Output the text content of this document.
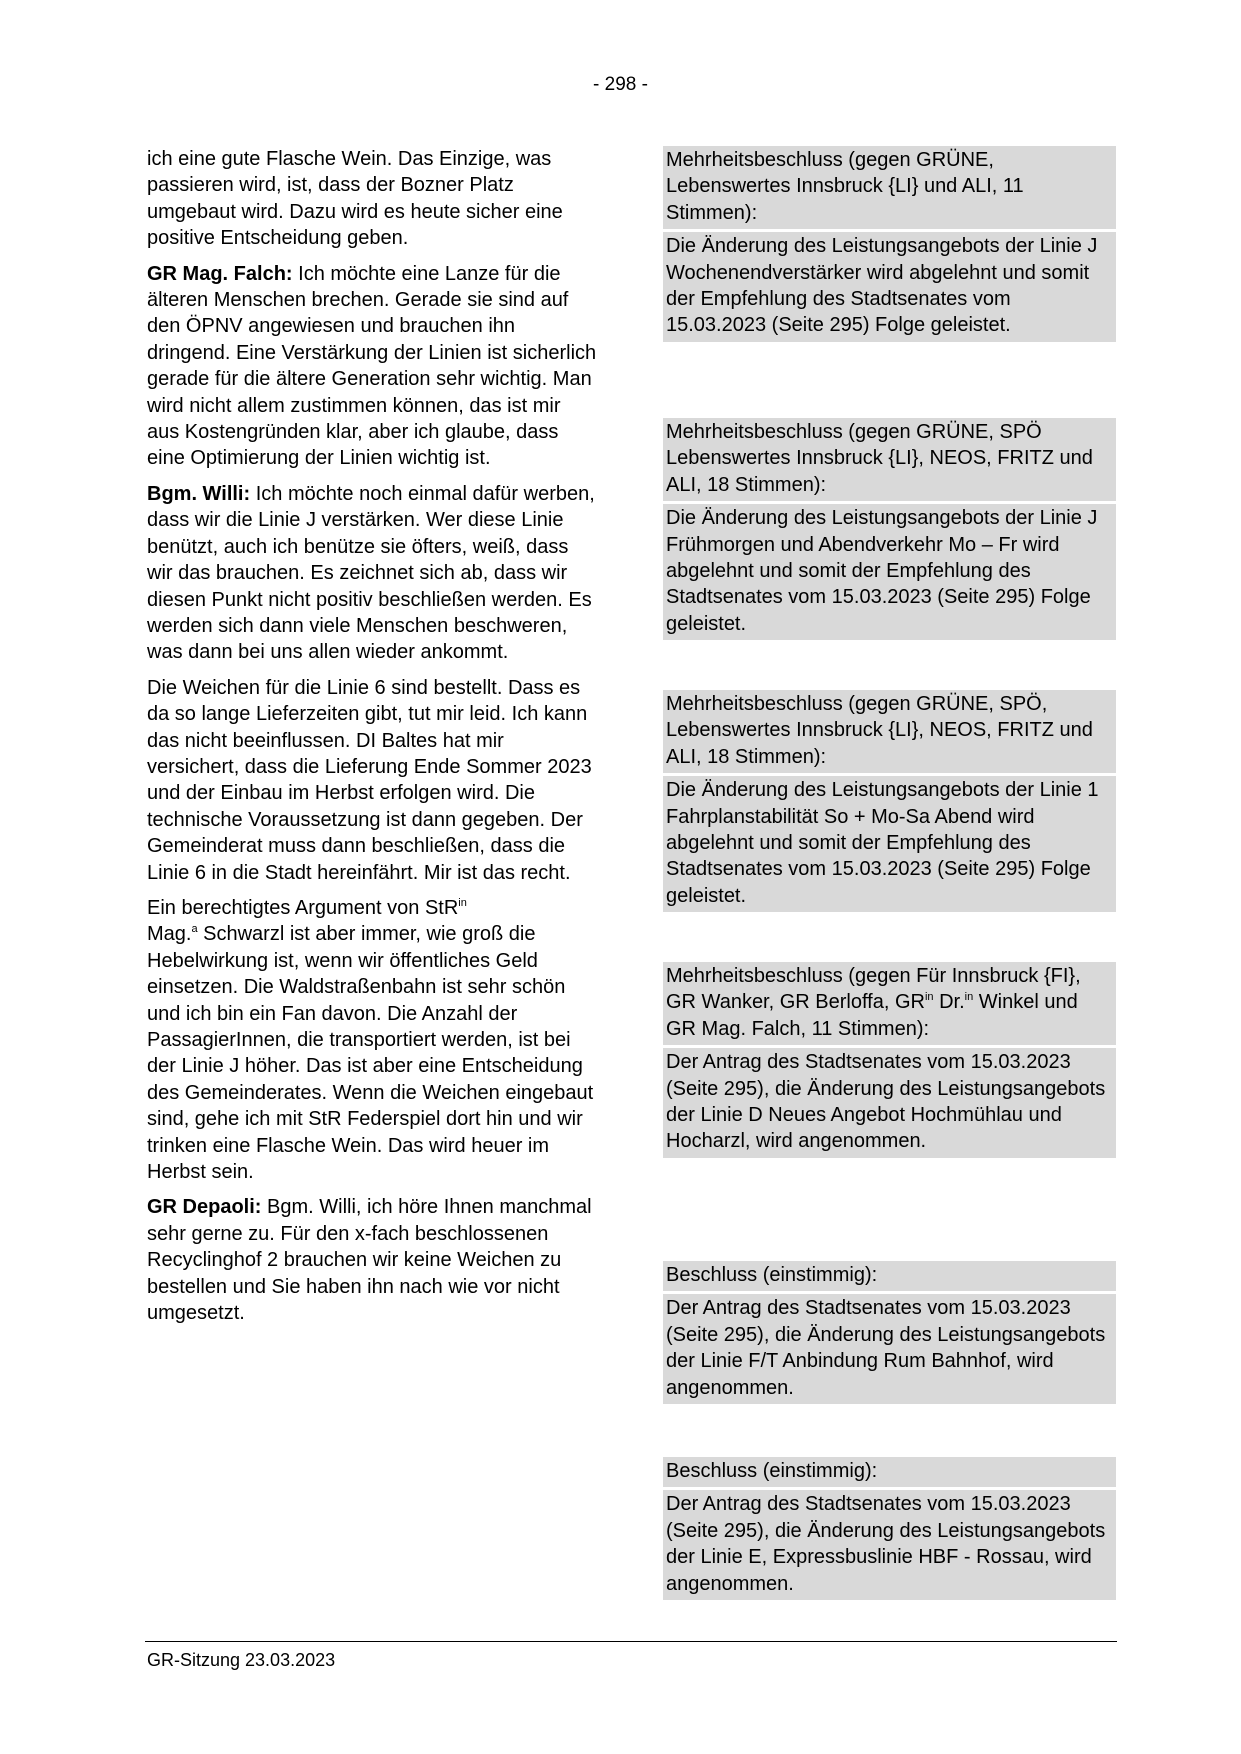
- 298 -

ich eine gute Flasche Wein. Das Einzige, was passieren wird, ist, dass der Bozner Platz umgebaut wird. Dazu wird es heute sicher eine positive Entscheidung geben.

GR Mag. Falch: Ich möchte eine Lanze für die älteren Menschen brechen. Gerade sie sind auf den ÖPNV angewiesen und brauchen ihn dringend. Eine Verstärkung der Linien ist sicherlich gerade für die ältere Generation sehr wichtig. Man wird nicht allem zustimmen können, das ist mir aus Kostengründen klar, aber ich glaube, dass eine Optimierung der Linien wichtig ist.

Bgm. Willi: Ich möchte noch einmal dafür werben, dass wir die Linie J verstärken. Wer diese Linie benützt, auch ich benütze sie öfters, weiß, dass wir das brauchen. Es zeichnet sich ab, dass wir diesen Punkt nicht positiv beschließen werden. Es werden sich dann viele Menschen beschweren, was dann bei uns allen wieder ankommt.

Die Weichen für die Linie 6 sind bestellt. Dass es da so lange Lieferzeiten gibt, tut mir leid. Ich kann das nicht beeinflussen. DI Baltes hat mir versichert, dass die Lieferung Ende Sommer 2023 und der Einbau im Herbst erfolgen wird. Die technische Voraussetzung ist dann gegeben. Der Gemeinderat muss dann beschließen, dass die Linie 6 in die Stadt hereinfährt. Mir ist das recht.

Ein berechtigtes Argument von StR$^{in}$
Mag.$^a$ Schwarzl ist aber immer, wie groß die Hebelwirkung ist, wenn wir öffentliches Geld einsetzen. Die Waldstraßenbahn ist sehr schön und ich bin ein Fan davon. Die Anzahl der PassagierInnen, die transportiert werden, ist bei der Linie J höher. Das ist aber eine Entscheidung des Gemeinderates. Wenn die Weichen eingebaut sind, gehe ich mit StR Federspiel dort hin und wir trinken eine Flasche Wein. Das wird heuer im Herbst sein.

GR Depaoli: Bgm. Willi, ich höre Ihnen manchmal sehr gerne zu. Für den x-fach beschlossenen Recyclinghof 2 brauchen wir keine Weichen zu bestellen und Sie haben ihn nach wie vor nicht umgesetzt.

Mehrheitsbeschluss (gegen GRÜNE, Lebenswertes Innsbruck {LI} und ALI, 11 Stimmen):
Die Änderung des Leistungsangebots der Linie J Wochenendverstärker wird abgelehnt und somit der Empfehlung des Stadtsenates vom 15.03.2023 (Seite 295) Folge geleistet.
Mehrheitsbeschluss (gegen GRÜNE, SPÖ Lebenswertes Innsbruck {LI}, NEOS, FRITZ und ALI, 18 Stimmen):
Die Änderung des Leistungsangebots der Linie J Frühmorgen und Abendverkehr Mo – Fr wird abgelehnt und somit der Empfehlung des Stadtsenates vom 15.03.2023 (Seite 295) Folge geleistet.
Mehrheitsbeschluss (gegen GRÜNE, SPÖ, Lebenswertes Innsbruck {LI}, NEOS, FRITZ und ALI, 18 Stimmen):
Die Änderung des Leistungsangebots der Linie 1 Fahrplanstabilität So + Mo-Sa Abend wird abgelehnt und somit der Empfehlung des Stadtsenates vom 15.03.2023 (Seite 295) Folge geleistet.
Mehrheitsbeschluss (gegen Für Innsbruck {FI}, GR Wanker, GR Berloffa, $GR^{in}$ Dr.$^{in}$ Winkel und GR Mag. Falch, 11 Stimmen):
Der Antrag des Stadtsenates vom 15.03.2023 (Seite 295), die Änderung des Leistungsangebots der Linie D Neues Angebot Hochmühlau und Hocharzl, wird angenommen.
Beschluss (einstimmig):
Der Antrag des Stadtsenates vom 15.03.2023 (Seite 295), die Änderung des Leistungsangebots der Linie F/T Anbindung Rum Bahnhof, wird angenommen.
Beschluss (einstimmig):
Der Antrag des Stadtsenates vom 15.03.2023 (Seite 295), die Änderung des Leistungsangebots der Linie E, Expressbuslinie HBF - Rossau, wird angenommen.
GR-Sitzung 23.03.2023
